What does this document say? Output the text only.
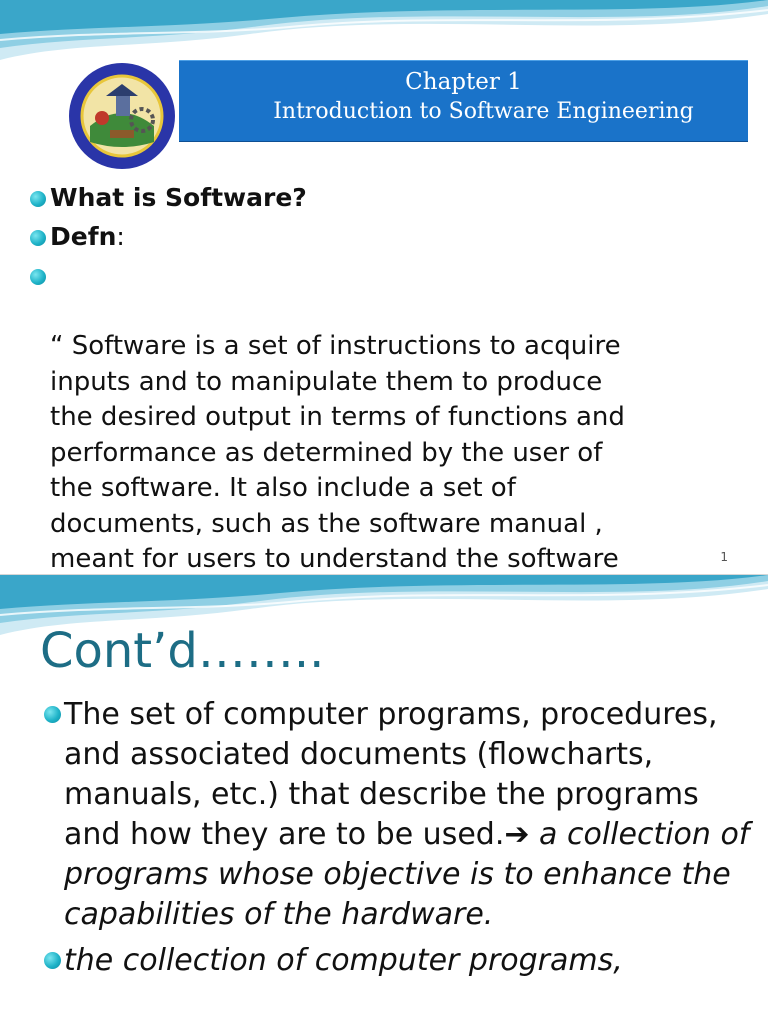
Chapter 1
Introduction to Software Engineering
What is Software?
Defn:

“ Software is a set of instructions to acquire
inputs and to manipulate them to produce
the desired output in terms of functions and
performance as determined by the user of
the software. It also include a set of
documents, such as the software manual ,
meant for users to understand the software	1
Cont’d……..
The set of computer programs, procedures, and associated documents (flowcharts, manuals, etc.) that describe the programs and how they are to be used.➔ a collection of programs whose objective is to enhance the capabilities of the hardware.
the collection of computer programs,
